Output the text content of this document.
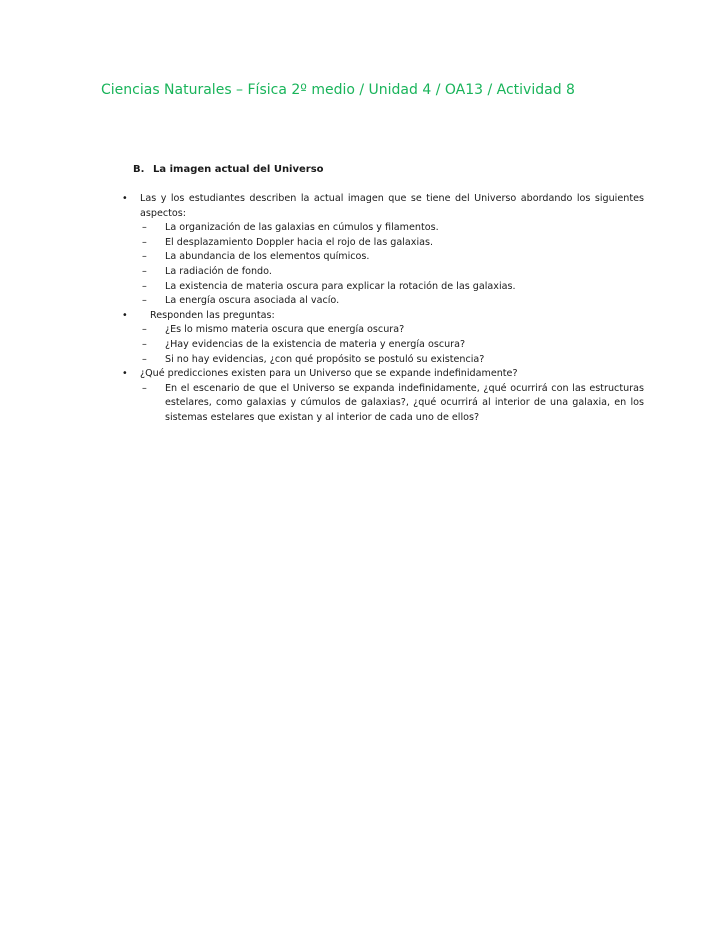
Ciencias Naturales – Física 2º medio / Unidad 4 / OA13 / Actividad 8
B. La imagen actual del Universo
•	Las y los estudiantes describen la actual imagen que se tiene del Universo abordando los siguientes aspectos:
– La organización de las galaxias en cúmulos y filamentos.
– El desplazamiento Doppler hacia el rojo de las galaxias.
– La abundancia de los elementos químicos.
– La radiación de fondo.
– La existencia de materia oscura para explicar la rotación de las galaxias.
– La energía oscura asociada al vacío.
•	Responden las preguntas:
– ¿Es lo mismo materia oscura que energía oscura?
– ¿Hay evidencias de la existencia de materia y energía oscura?
– Si no hay evidencias, ¿con qué propósito se postuló su existencia?
•	¿Qué predicciones existen para un Universo que se expande indefinidamente?
– En el escenario de que el Universo se expanda indefinidamente, ¿qué ocurrirá con las estructuras estelares, como galaxias y cúmulos de galaxias?, ¿qué ocurrirá al interior de una galaxia, en los sistemas estelares que existan y al interior de cada uno de ellos?
